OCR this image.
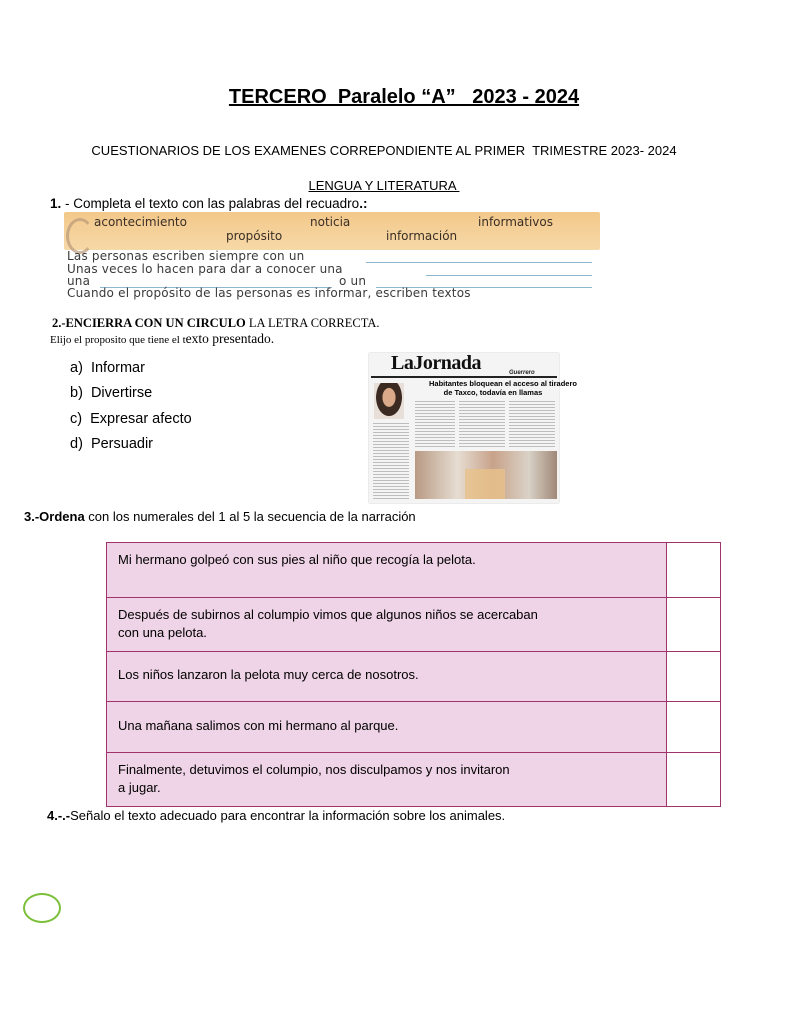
TERCERO  Paralelo “A”   2023 - 2024
CUESTIONARIOS DE LOS EXAMENES CORREPONDIENTE AL PRIMER  TRIMESTRE 2023- 2024
LENGUA Y LITERATURA
1. - Completa el texto con las palabras del recuadro.:
acontecimiento	noticia	informativos
propósito	información
Las personas escriben siempre con un
Unas veces lo hacen para dar a conocer una
una	o un
Cuando el propósito de las personas es informar, escriben textos
2.-ENCIERRA CON UN CIRCULO LA LETRA CORRECTA.
Elijo el proposito que tiene el texto presentado.
a)  Informar
b)  Divertirse
c)  Expresar afecto
d)  Persuadir
LaJornada	Guerrero
Habitantes bloquean el acceso al tiradero
de Taxco, todavía en llamas
3.-Ordena con los numerales del 1 al 5 la secuencia de la narración
Mi hermano golpeó con sus pies al niño que recogía la pelota.	
Después de subirnos al columpio vimos que algunos niños se acercaban
con una pelota.	
Los niños lanzaron la pelota muy cerca de nosotros.	
Una mañana salimos con mi hermano al parque.	
Finalmente, detuvimos el columpio, nos disculpamos y nos invitaron
a jugar.	
4.-.-Señalo el texto adecuado para encontrar la información sobre los animales.
